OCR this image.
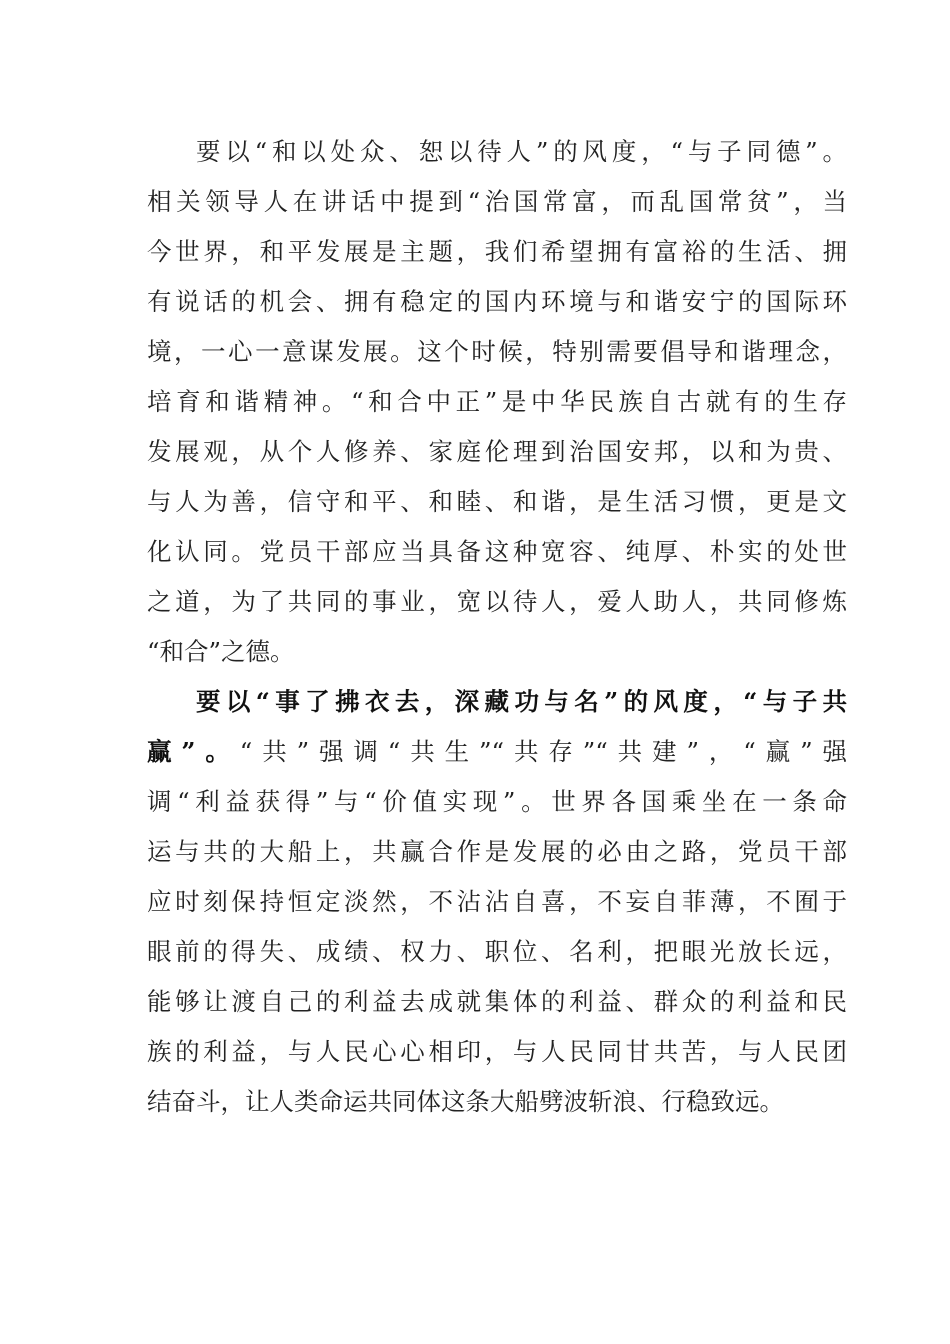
要以“和以处众、恕以待人”的风度，“与子同德”。
相关领导人在讲话中提到“治国常富，而乱国常贫”，当
今世界，和平发展是主题，我们希望拥有富裕的生活、拥
有说话的机会、拥有稳定的国内环境与和谐安宁的国际环
境，一心一意谋发展。这个时候，特别需要倡导和谐理念，
培育和谐精神。“和合中正”是中华民族自古就有的生存
发展观，从个人修养、家庭伦理到治国安邦，以和为贵、
与人为善，信守和平、和睦、和谐，是生活习惯，更是文
化认同。党员干部应当具备这种宽容、纯厚、朴实的处世
之道，为了共同的事业，宽以待人，爱人助人，共同修炼
“和合”之德。
要以“事了拂衣去，深藏功与名”的风度，“与子共
赢”。“共”强调“共生”“共存”“共建”，“赢”强
调“利益获得”与“价值实现”。世界各国乘坐在一条命
运与共的大船上，共赢合作是发展的必由之路，党员干部
应时刻保持恒定淡然，不沾沾自喜，不妄自菲薄，不囿于
眼前的得失、成绩、权力、职位、名利，把眼光放长远，
能够让渡自己的利益去成就集体的利益、群众的利益和民
族的利益，与人民心心相印，与人民同甘共苦，与人民团
结奋斗，让人类命运共同体这条大船劈波斩浪、行稳致远。
